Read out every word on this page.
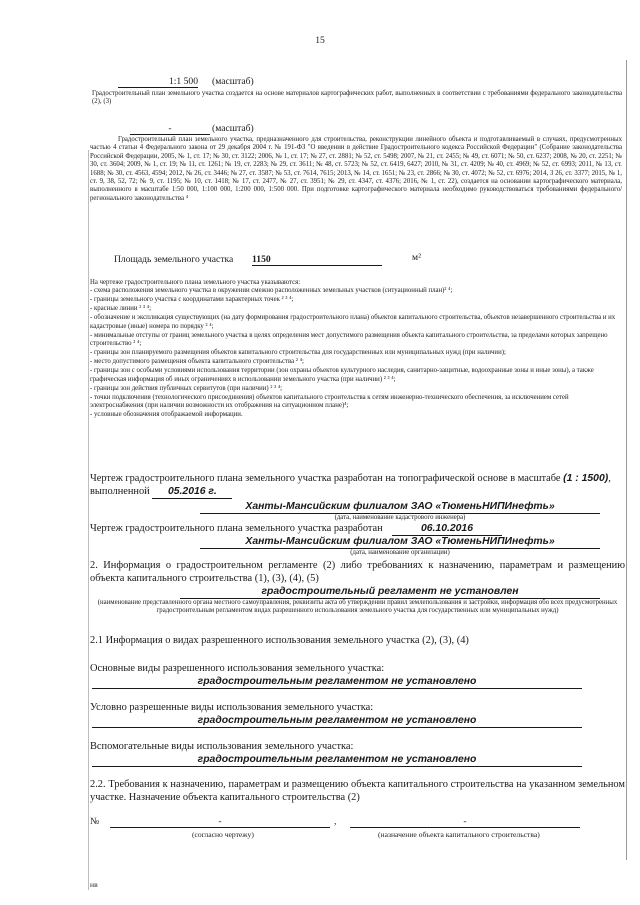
15
1:1 500 (масштаб)

Градостроительный план земельного участка создается на основе материалов картографических работ, выполненных в соответствии с требованиями федерального законодательства (2), (3)

-	(масштаб)

Градостроительный план земельного участка, предназначенного для строительства, реконструкции линейного объекта и подготавливаемый в случаях, предусмотренных частью 4 статьи 4 Федерального закона от 29 декабря 2004 г. № 191-ФЗ "О введении в действие Градостроительного кодекса Российской Федерации" (Собрание законодательства Российской Федерации, 2005, № 1, ст. 17; № 30, ст. 3122; 2006, № 1, ст. 17; № 27, ст. 2881; № 52, ст. 5498; 2007, № 21, ст. 2455; № 49, ст. 6071; № 50, ст. 6237; 2008, № 20, ст. 2251; № 30, ст. 3604; 2009, № 1, ст. 19; № 11, ст. 1261; № 19, ст. 2283; № 29, ст. 3611; № 48, ст. 5723; № 52, ст. 6419, 6427; 2010, № 31, ст. 4209; № 40, ст. 4969; № 52, ст. 6993; 2011, № 13, ст. 1688; № 30, ст. 4563, 4594; 2012, № 26, ст. 3446; № 27, ст. 3587; № 53, ст. 7614, 7615; 2013, № 14, ст. 1651; № 23, ст. 2866; № 30, ст. 4072; № 52, ст. 6976; 2014, 3 26, ст. 3377; 2015, № 1, ст. 9, 38, 52, 72; № 9, ст. 1195; № 10, ст. 1418; № 17, ст. 2477, № 27, ст. 3951; № 29, ст. 4347, ст. 4376; 2016, № 1, ст. 22), создается на основании картографического материала, выполненного в масштабе 1:50 000, 1:100 000, 1:200 000, 1:500 000. При подготовке картографического материала необходимо руководствоваться требованиями федерального/регионального законодательства ⁴

Площадь земельного участка 1150	м²

На чертеже градостроительного плана земельного участка указываются:

- схема расположения земельного участка в окружении смежно расположенных земельных участков (ситуационный план)² ⁴;

- границы земельного участка с координатами характерных точек ² ³ ⁴;

- красные линии ² ³ ⁴;

- обозначение и экспликация существующих (на дату формирования градостроительного плана) объектов капитального строительства, объектов незавершенного строительства и их кадастровые (иные) номера по порядку ² ⁴;

- минимальные отступы от границ земельного участка в целях определения мест допустимого размещения объекта капитального строительства, за пределами которых запрещено строительство ² ⁴;

- границы зон планируемого размещения объектов капитального строительства для государственных или муниципальных нужд (при наличии);

- место допустимого размещения объекта капитального строительства ² ⁴;

- границы зон с особыми условиями использования территории (зон охраны объектов культурного наследия, санитарно-защитные, водоохранные зоны и иные зоны), а также графическая информация об иных ограничениях в использовании земельного участка (при наличии) ² ³ ⁴;

- границы зон действия публичных сервитутов (при наличии) ² ³ ⁴;

- точки подключения (технологического присоединения) объектов капитального строительства к сетям инженерно-технического обеспечения, за исключением сетей электроснабжения (при наличии возможности их отображения на ситуационном плане)⁴;

- условные обозначения отображаемой информации.

Чертеж градостроительного плана земельного участка разработан на топографической основе в масштабе (1 : 1500), выполненной 05.2016 г.

Ханты-Мансийским филиалом ЗАО «ТюменьНИПИнефть»
(дата, наименование кадастрового инженера)
Чертеж градостроительного плана земельного участка разработан	06.10.2016
Ханты-Мансийским филиалом ЗАО «ТюменьНИПИнефть»
(дата, наименование организации)

2. Информация о градостроительном регламенте (2) либо требованиях к назначению, параметрам и размещению объекта капитального строительства (1), (3), (4), (5)

градостроительный регламент не установлен

(наименование представленного органа местного самоуправления, реквизиты акта об утверждении правил землепользования и застройки, информация обо всех предусмотренных градостроительным регламентом видах разрешенного использования земельного участка для государственных или муниципальных нужд)

2.1 Информация о видах разрешенного использования земельного участка (2), (3), (4)
Основные виды разрешенного использования земельного участка:
градостроительным регламентом не установлено
Условно разрешенные виды использования земельного участка:
градостроительным регламентом не установлено
Вспомогательные виды использования земельного участка:
градостроительным регламентом не установлено

2.2. Требования к назначению, параметрам и размещению объекта капитального строительства на указанном земельном участке. Назначение объекта капитального строительства (2)

№	-	,	-
(согласно чертежу)	(назначение объекта капитального строительства)
нв
